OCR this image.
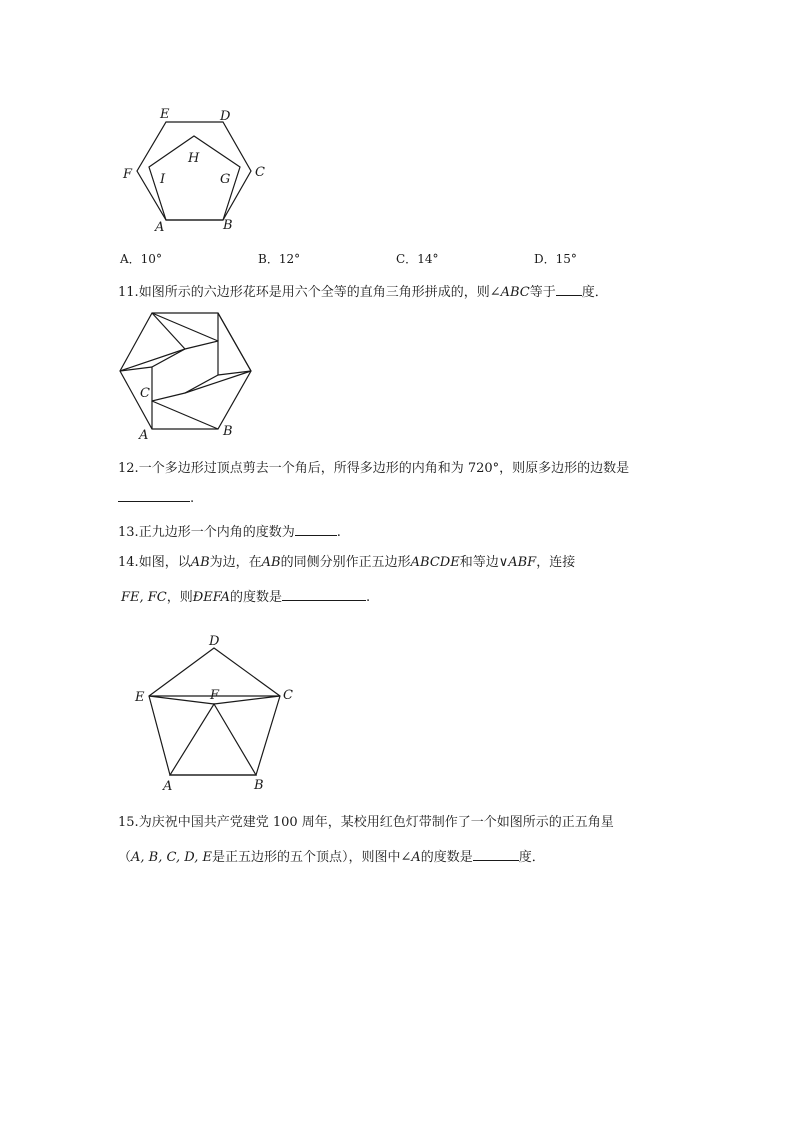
E	D
C
F
A	B
H
I	G
A．10°	B．12°	C．14°	D．15°
11.如图所示的六边形花环是用六个全等的直角三角形拼成的，则∠ABC等于 度．
C
A	B
12.一个多边形过顶点剪去一个角后，所得多边形的内角和为 720°，则原多边形的边数是
.
13.正九边形一个内角的度数为	.
14.如图，以AB为边，在AB的同侧分别作正五边形ABCDE和等边∨ABF，连接
FE, FC，则ÐEFA的度数是	.
D
E	F	C
A	B
15.为庆祝中国共产党建党 100 周年，某校用红色灯带制作了一个如图所示的正五角星
（A, B, C, D, E是正五边形的五个顶点），则图中∠A的度数是	度．
